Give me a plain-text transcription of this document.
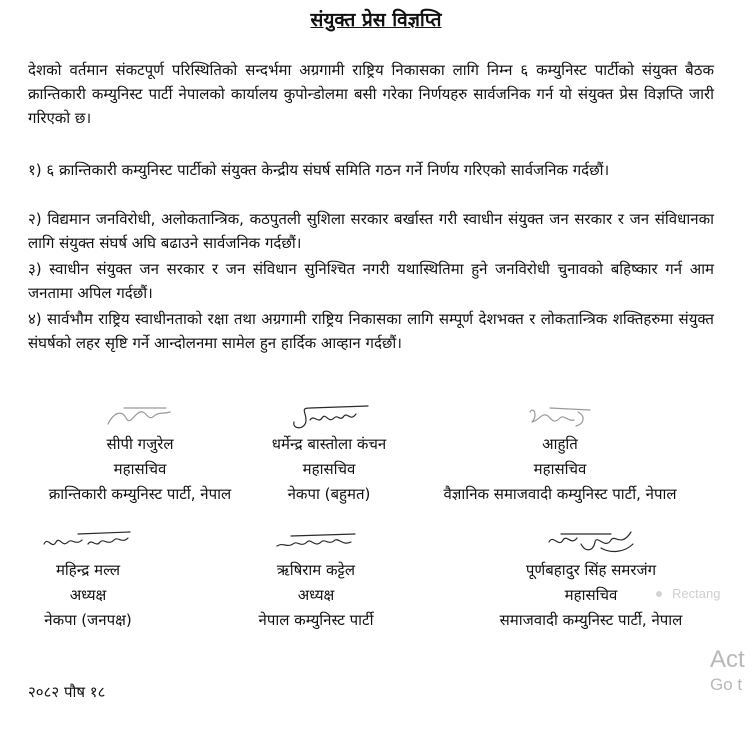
संयुक्त प्रेस विज्ञप्ति
देशको वर्तमान संकटपूर्ण परिस्थितिको सन्दर्भमा अग्रगामी राष्ट्रिय निकासका लागि निम्न ६ कम्युनिस्ट पार्टीको संयुक्त बैठक क्रान्तिकारी कम्युनिस्ट पार्टी नेपालको कार्यालय कुपोन्डोलमा बसी गरेका निर्णयहरु सार्वजनिक गर्न यो संयुक्त प्रेस विज्ञप्ति जारी गरिएको छ।
१) ६ क्रान्तिकारी कम्युनिस्ट पार्टीको संयुक्त केन्द्रीय संघर्ष समिति गठन गर्ने निर्णय गरिएको सार्वजनिक गर्दछौं।
२) विद्यमान जनविरोधी, अलोकतान्त्रिक, कठपुतली सुशिला सरकार बर्खास्त गरी स्वाधीन संयुक्त जन सरकार र जन संविधानका लागि संयुक्त संघर्ष अघि बढाउने सार्वजनिक गर्दछौं।
३) स्वाधीन संयुक्त जन सरकार र जन संविधान सुनिश्चित नगरी यथास्थितिमा हुने जनविरोधी चुनावको बहिष्कार गर्न आम जनतामा अपिल गर्दछौं।
४) सार्वभौम राष्ट्रिय स्वाधीनताको रक्षा तथा अग्रगामी राष्ट्रिय निकासका लागि सम्पूर्ण देशभक्त र लोकतान्त्रिक शक्तिहरुमा संयुक्त संघर्षको लहर सृष्टि गर्ने आन्दोलनमा सामेल हुन हार्दिक आव्हान गर्दछौं।
सीपी गजुरेल
महासचिव
क्रान्तिकारी कम्युनिस्ट पार्टी, नेपाल
धर्मेन्द्र बास्तोला कंचन
महासचिव
नेकपा (बहुमत)
आहुति
महासचिव
वैज्ञानिक समाजवादी कम्युनिस्ट पार्टी, नेपाल
महिन्द्र मल्ल
अध्यक्ष
नेकपा (जनपक्ष)
ऋषिराम कट्टेल
अध्यक्ष
नेपाल कम्युनिस्ट पार्टी
पूर्णबहादुर सिंह समरजंग
महासचिव
समाजवादी कम्युनिस्ट पार्टी, नेपाल
२०८२ पौष १८
Rectang
Act
Go t
